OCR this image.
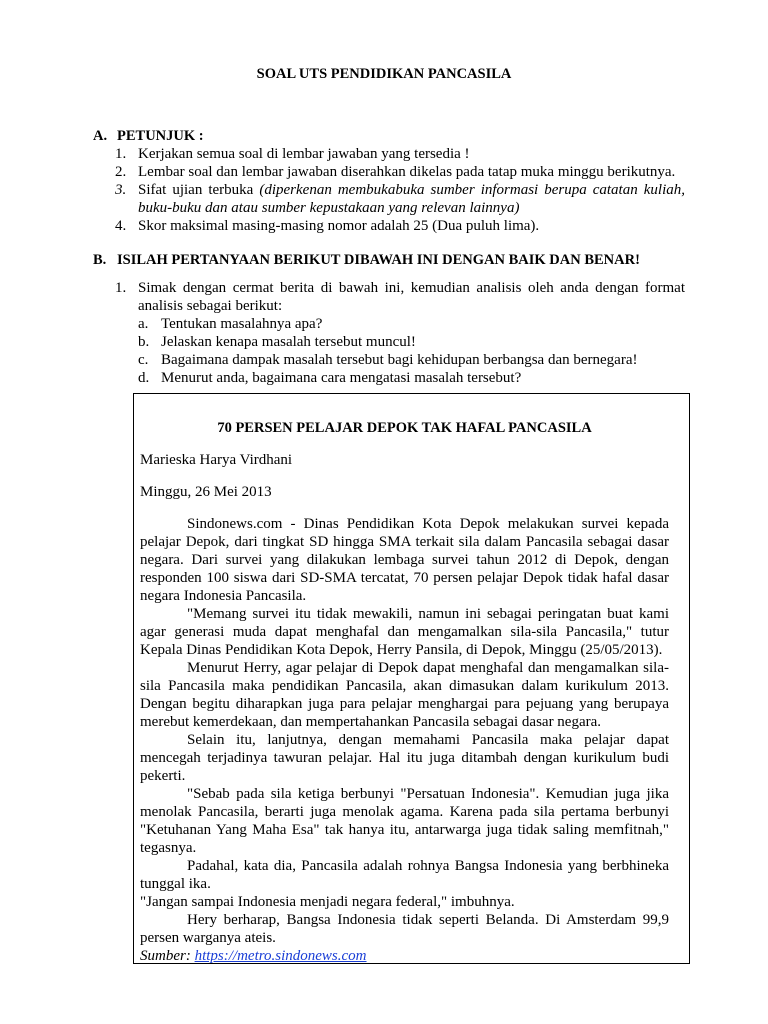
SOAL UTS PENDIDIKAN PANCASILA
A. PETUNJUK :
1. Kerjakan semua soal di lembar jawaban yang tersedia !
2. Lembar soal dan lembar jawaban diserahkan dikelas pada tatap muka minggu berikutnya.
3. Sifat ujian terbuka (diperkenan membukabuka sumber informasi berupa catatan kuliah, buku-buku dan atau sumber kepustakaan yang relevan lainnya)
4. Skor maksimal masing-masing nomor adalah 25 (Dua puluh lima).
B. ISILAH PERTANYAAN BERIKUT DIBAWAH INI DENGAN BAIK DAN BENAR!
1. Simak dengan cermat berita di bawah ini, kemudian analisis oleh anda dengan format analisis sebagai berikut:
a. Tentukan masalahnya apa?
b. Jelaskan kenapa masalah tersebut muncul!
c. Bagaimana dampak masalah tersebut bagi kehidupan berbangsa dan bernegara!
d. Menurut anda, bagaimana cara mengatasi masalah tersebut?
70 PERSEN PELAJAR DEPOK TAK HAFAL PANCASILA
Marieska Harya Virdhani
Minggu, 26 Mei 2013
Sindonews.com - Dinas Pendidikan Kota Depok melakukan survei kepada pelajar Depok, dari tingkat SD hingga SMA terkait sila dalam Pancasila sebagai dasar negara. Dari survei yang dilakukan lembaga survei tahun 2012 di Depok, dengan responden 100 siswa dari SD-SMA tercatat, 70 persen pelajar Depok tidak hafal dasar negara Indonesia Pancasila.
"Memang survei itu tidak mewakili, namun ini sebagai peringatan buat kami agar generasi muda dapat menghafal dan mengamalkan sila-sila Pancasila," tutur Kepala Dinas Pendidikan Kota Depok, Herry Pansila, di Depok, Minggu (25/05/2013).
Menurut Herry, agar pelajar di Depok dapat menghafal dan mengamalkan sila-sila Pancasila maka pendidikan Pancasila, akan dimasukan dalam kurikulum 2013. Dengan begitu diharapkan juga para pelajar menghargai para pejuang yang berupaya merebut kemerdekaan, dan mempertahankan Pancasila sebagai dasar negara.
Selain itu, lanjutnya, dengan memahami Pancasila maka pelajar dapat mencegah terjadinya tawuran pelajar. Hal itu juga ditambah dengan kurikulum budi pekerti.
"Sebab pada sila ketiga berbunyi "Persatuan Indonesia". Kemudian juga jika menolak Pancasila, berarti juga menolak agama. Karena pada sila pertama berbunyi "Ketuhanan Yang Maha Esa" tak hanya itu, antarwarga juga tidak saling memfitnah," tegasnya.
Padahal, kata dia, Pancasila adalah rohnya Bangsa Indonesia yang berbhineka tunggal ika.
"Jangan sampai Indonesia menjadi negara federal," imbuhnya.
Hery berharap, Bangsa Indonesia tidak seperti Belanda. Di Amsterdam 99,9 persen warganya ateis.
Sumber: https://metro.sindonews.com
